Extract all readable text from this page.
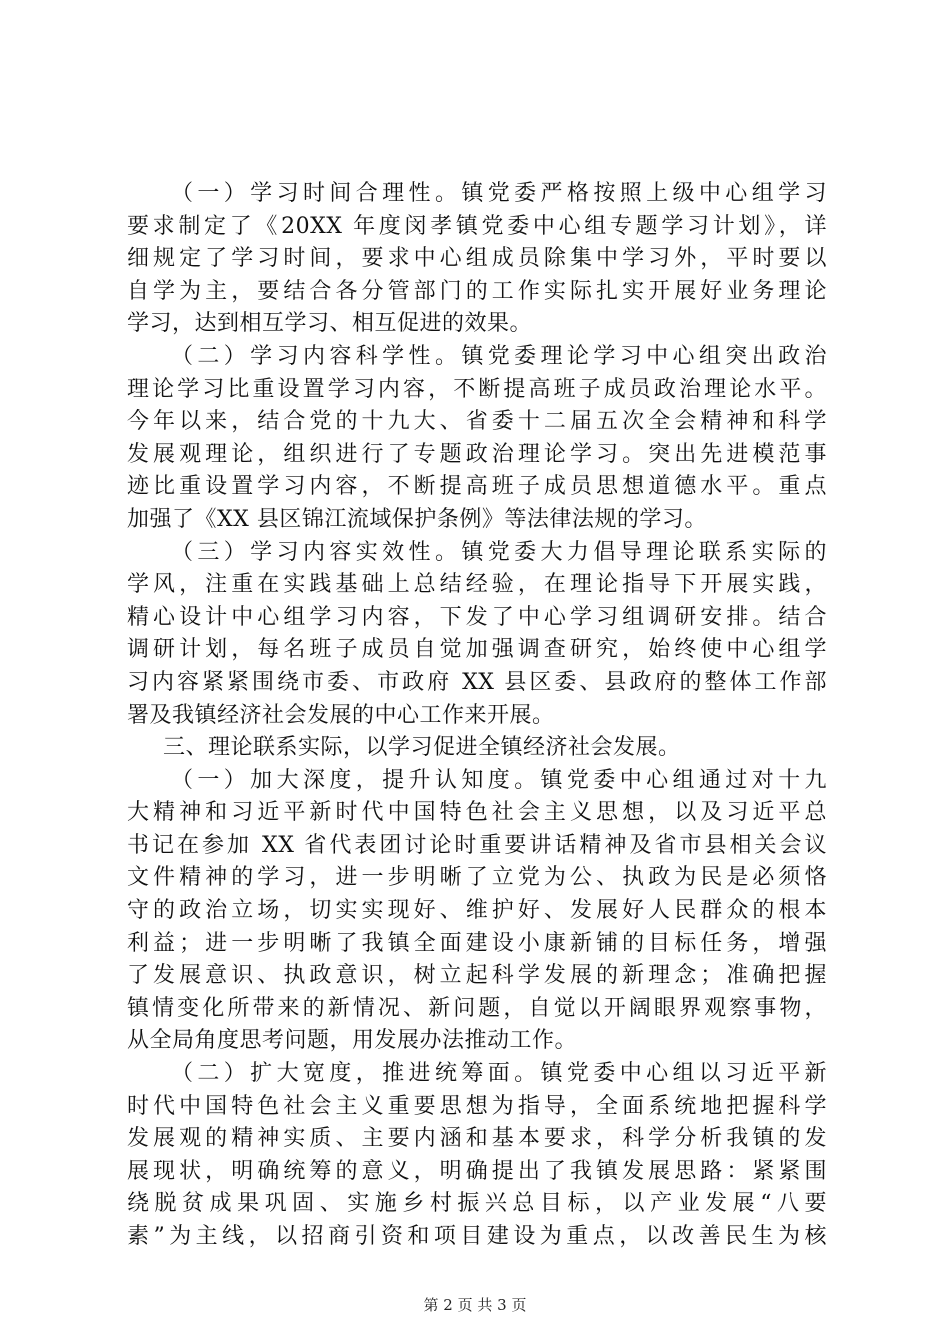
（一）学习时间合理性。镇党委严格按照上级中心组学习
要求制定了《20XX 年度闵孝镇党委中心组专题学习计划》，详
细规定了学习时间，要求中心组成员除集中学习外，平时要以
自学为主，要结合各分管部门的工作实际扎实开展好业务理论
学习，达到相互学习、相互促进的效果。
（二）学习内容科学性。镇党委理论学习中心组突出政治
理论学习比重设置学习内容，不断提高班子成员政治理论水平。
今年以来，结合党的十九大、省委十二届五次全会精神和科学
发展观理论，组织进行了专题政治理论学习。突出先进模范事
迹比重设置学习内容，不断提高班子成员思想道德水平。重点
加强了《XX 县区锦江流域保护条例》等法律法规的学习。
（三）学习内容实效性。镇党委大力倡导理论联系实际的
学风，注重在实践基础上总结经验，在理论指导下开展实践，
精心设计中心组学习内容，下发了中心学习组调研安排。结合
调研计划，每名班子成员自觉加强调查研究，始终使中心组学
习内容紧紧围绕市委、市政府 XX 县区委、县政府的整体工作部
署及我镇经济社会发展的中心工作来开展。
三、理论联系实际，以学习促进全镇经济社会发展。
（一）加大深度，提升认知度。镇党委中心组通过对十九
大精神和习近平新时代中国特色社会主义思想，以及习近平总
书记在参加 XX 省代表团讨论时重要讲话精神及省市县相关会议
文件精神的学习，进一步明晰了立党为公、执政为民是必须恪
守的政治立场，切实实现好、维护好、发展好人民群众的根本
利益；进一步明晰了我镇全面建设小康新铺的目标任务，增强
了发展意识、执政意识，树立起科学发展的新理念；准确把握
镇情变化所带来的新情况、新问题，自觉以开阔眼界观察事物，
从全局角度思考问题，用发展办法推动工作。
（二）扩大宽度，推进统筹面。镇党委中心组以习近平新
时代中国特色社会主义重要思想为指导，全面系统地把握科学
发展观的精神实质、主要内涵和基本要求，科学分析我镇的发
展现状，明确统筹的意义，明确提出了我镇发展思路：紧紧围
绕脱贫成果巩固、实施乡村振兴总目标，以产业发展“八要
素”为主线，以招商引资和项目建设为重点，以改善民生为核
第 2 页 共 3 页
